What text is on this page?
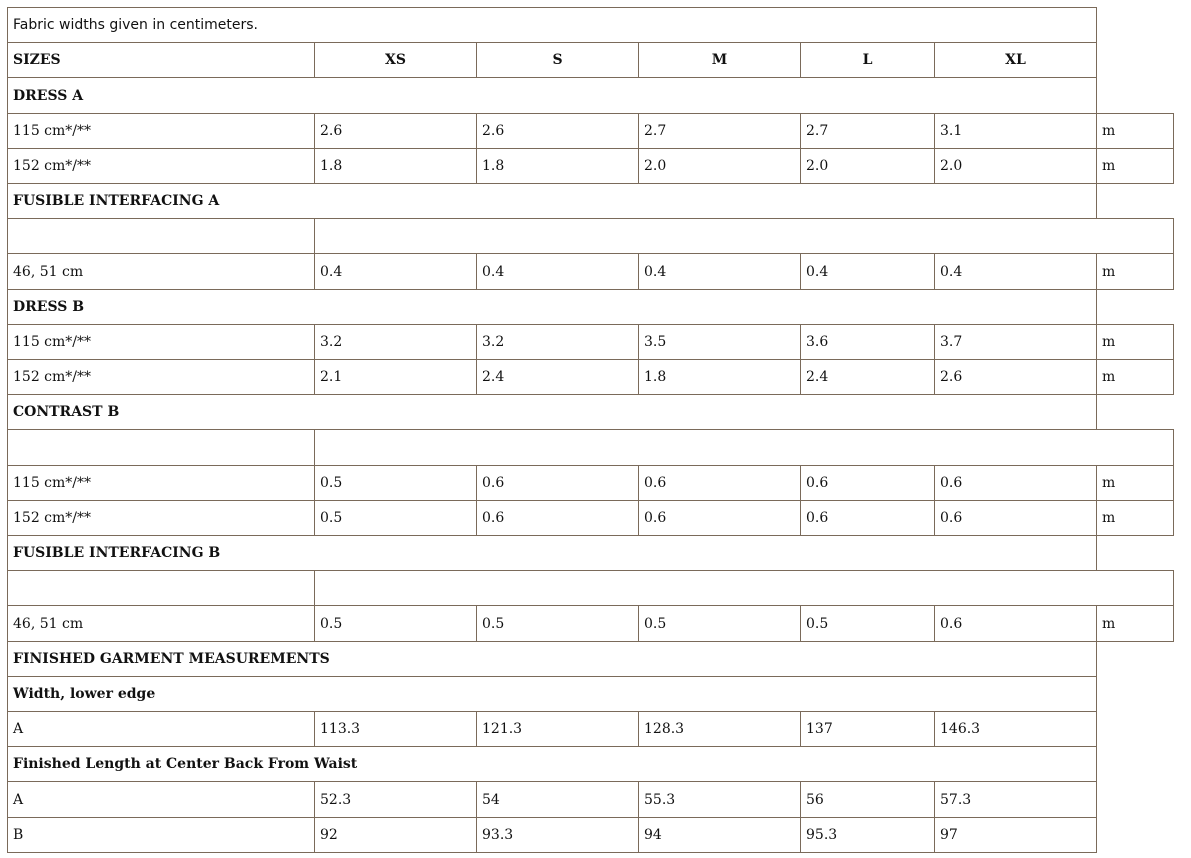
Fabric widths given in centimeters.
SIZES	XS	S	M	L	XL
DRESS A
115 cm*/**	2.6	2.6	2.7	2.7	3.1	m
152 cm*/**	1.8	1.8	2.0	2.0	2.0	m
FUSIBLE INTERFACING A
46, 51 cm	0.4	0.4	0.4	0.4	0.4	m
DRESS B
115 cm*/**	3.2	3.2	3.5	3.6	3.7	m
152 cm*/**	2.1	2.4	1.8	2.4	2.6	m
CONTRAST B
115 cm*/**	0.5	0.6	0.6	0.6	0.6	m
152 cm*/**	0.5	0.6	0.6	0.6	0.6	m
FUSIBLE INTERFACING B
46, 51 cm	0.5	0.5	0.5	0.5	0.6	m
FINISHED GARMENT MEASUREMENTS
Width, lower edge
A	113.3	121.3	128.3	137	146.3
Finished Length at Center Back From Waist
A	52.3	54	55.3	56	57.3
B	92	93.3	94	95.3	97
